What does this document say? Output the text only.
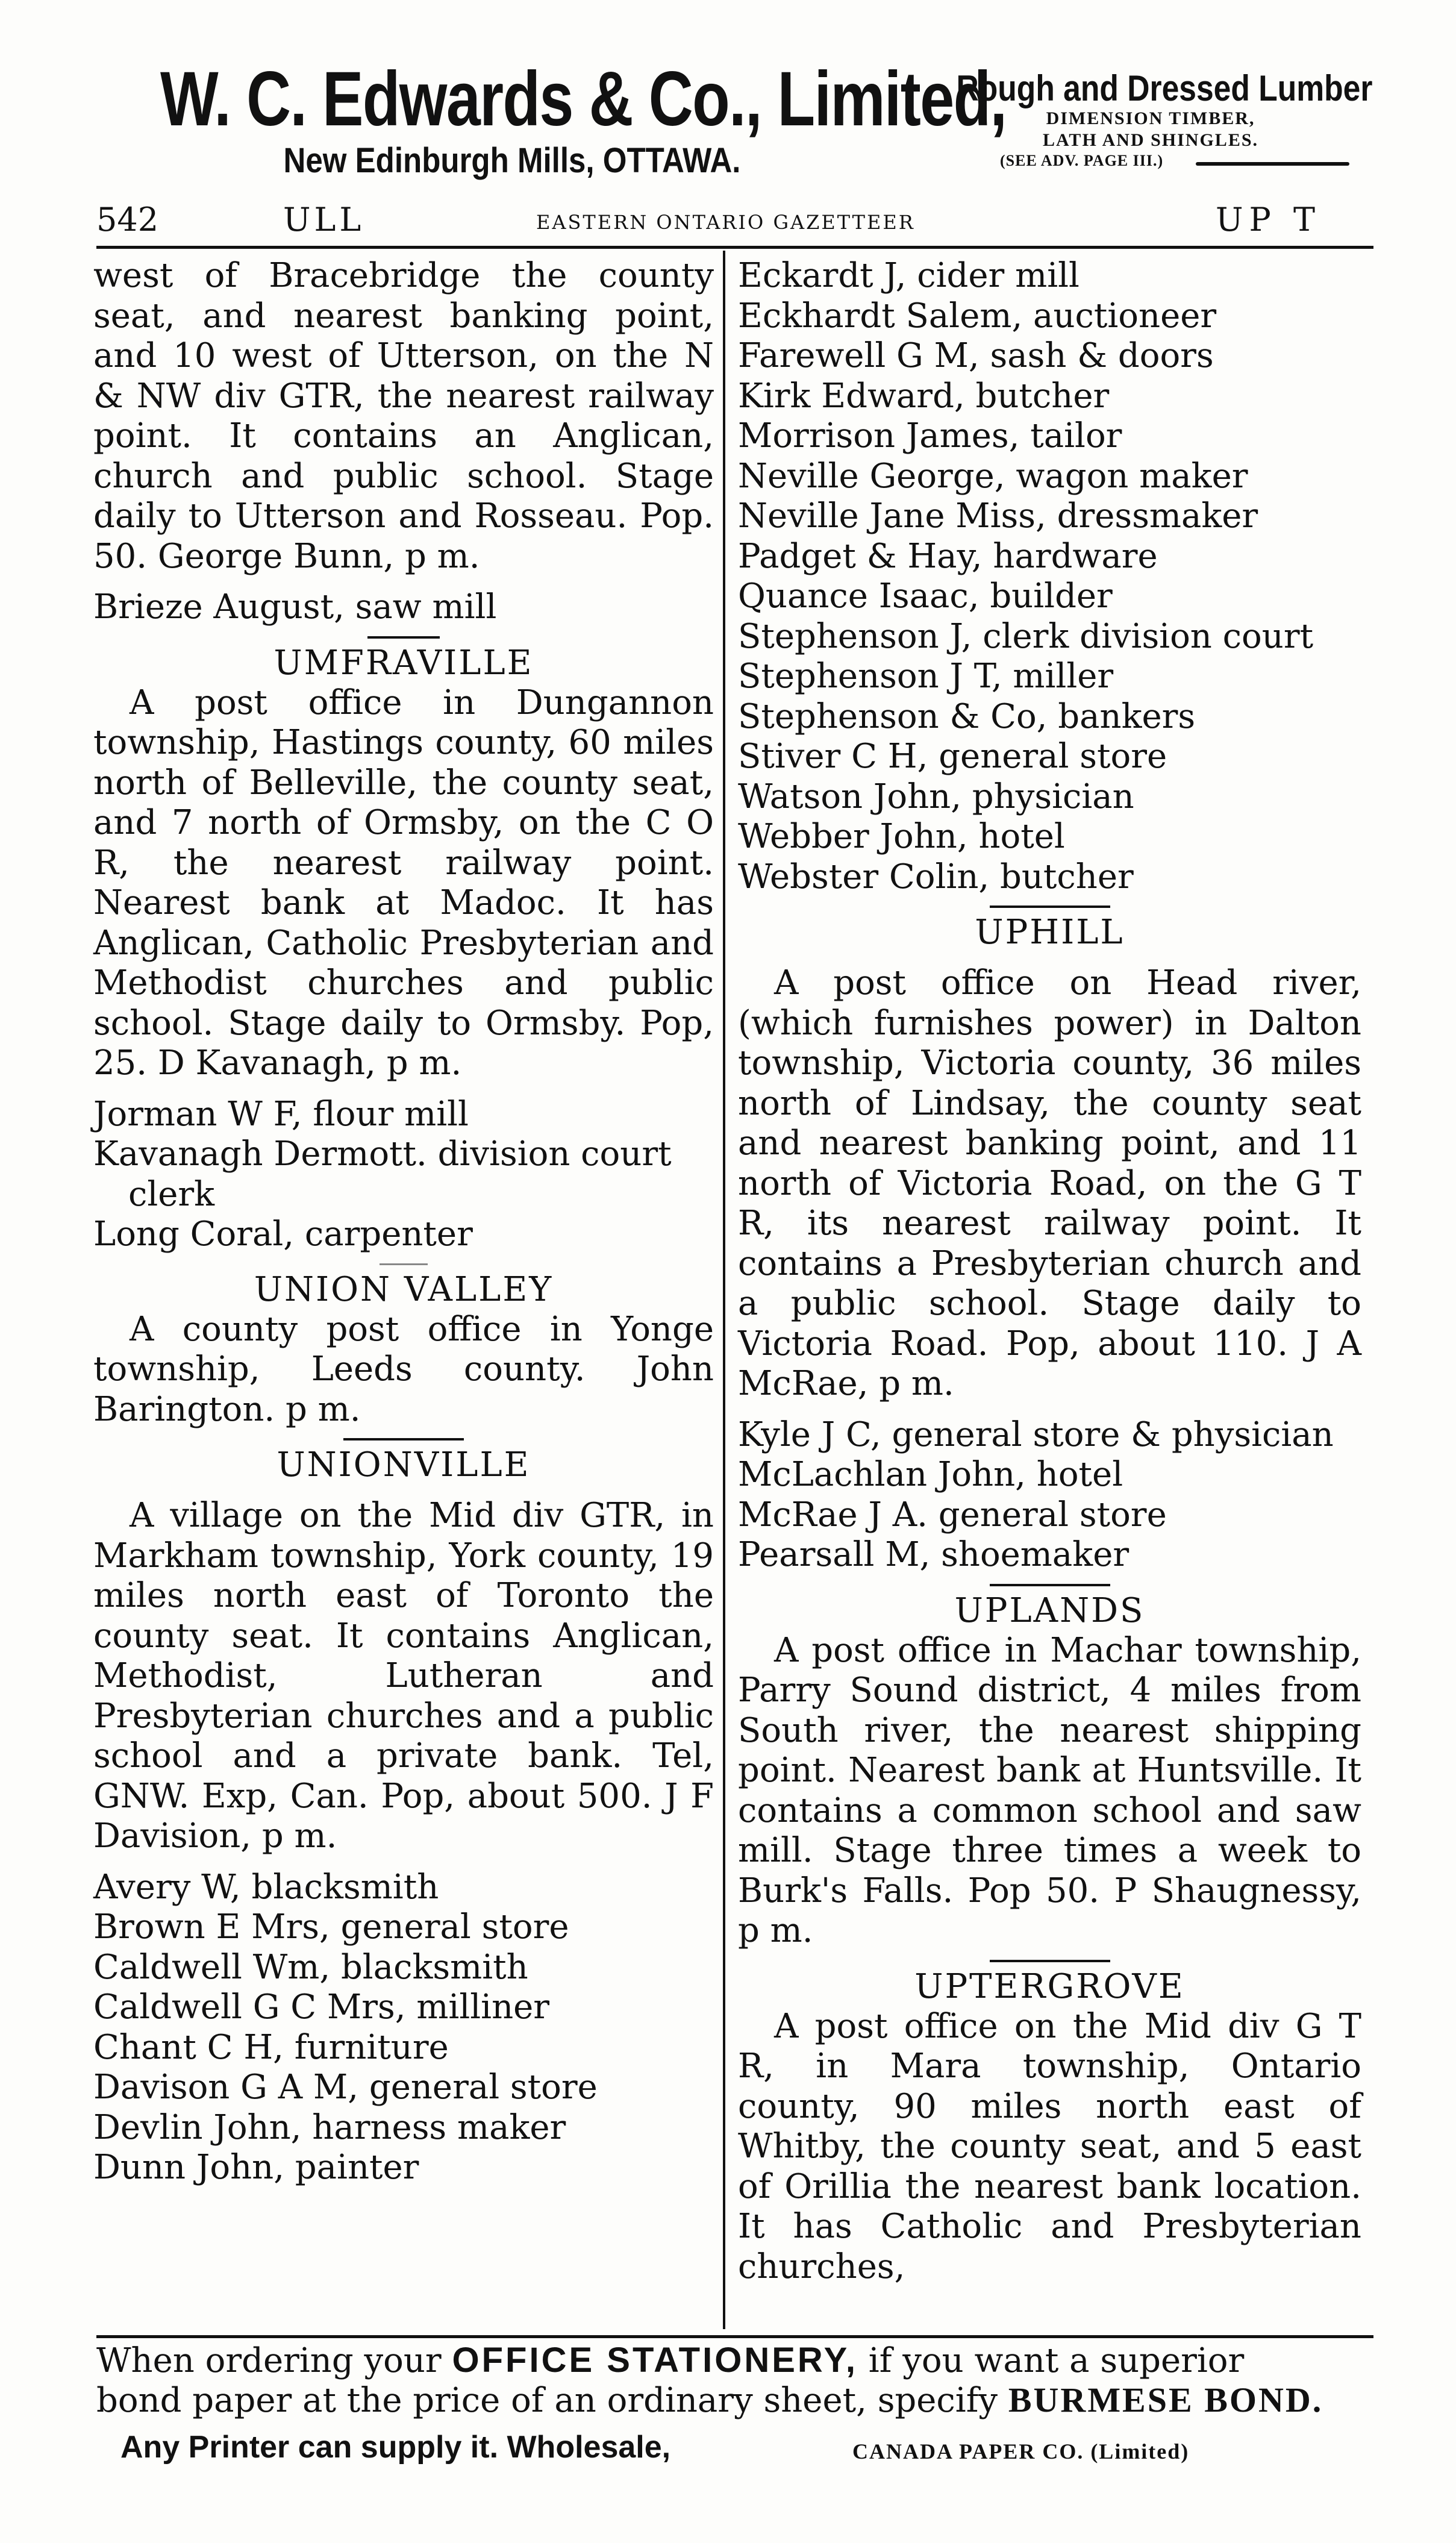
W. C. Edwards & Co., Limited,
New Edinburgh Mills, OTTAWA.
Rough and Dressed Lumber
DIMENSION TIMBER,
LATH AND SHINGLES.
(SEE ADV. PAGE III.)
542	ULL	EASTERN ONTARIO GAZETTEER	UP T

west of Bracebridge the county seat, and nearest banking point, and 10 west of Utterson, on the N & NW div GTR, the nearest railway point. It contains an Anglican, church and public school. Stage daily to Utterson and Rosseau. Pop. 50. George Bunn, p m.

Brieze August, saw mill

UMFRAVILLE

A post office in Dungannon township, Hastings county, 60 miles north of Belleville, the county seat, and 7 north of Ormsby, on the C O R, the nearest railway point. Nearest bank at Madoc. It has Anglican, Catholic Presbyterian and Methodist churches and public school. Stage daily to Ormsby. Pop, 25. D Kavanagh, p m.

Jorman W F, flour mill

Kavanagh Dermott. division court

clerk

Long Coral, carpenter

UNION VALLEY

A county post office in Yonge township, Leeds county. John Barington. p m.

UNIONVILLE

A village on the Mid div GTR, in Markham township, York county, 19 miles north east of Toronto the county seat. It contains Anglican, Methodist, Lutheran and Presbyterian churches and a public school and a private bank. Tel, GNW. Exp, Can. Pop, about 500. J F Davision, p m.

Avery W, blacksmith

Brown E Mrs, general store

Caldwell Wm, blacksmith

Caldwell G C Mrs, milliner

Chant C H, furniture

Davison G A M, general store

Devlin John, harness maker

Dunn John, painter

Eckardt J, cider mill

Eckhardt Salem, auctioneer

Farewell G M, sash & doors

Kirk Edward, butcher

Morrison James, tailor

Neville George, wagon maker

Neville Jane Miss, dressmaker

Padget & Hay, hardware

Quance Isaac, builder

Stephenson J, clerk division court

Stephenson J T, miller

Stephenson & Co, bankers

Stiver C H, general store

Watson John, physician

Webber John, hotel

Webster Colin, butcher

UPHILL

A post office on Head river, (which furnishes power) in Dalton township, Victoria county, 36 miles north of Lindsay, the county seat and nearest banking point, and 11 north of Victoria Road, on the G T R, its nearest railway point. It contains a Presbyterian church and a public school. Stage daily to Victoria Road. Pop, about 110. J A McRae, p m.

Kyle J C, general store & physician

McLachlan John, hotel

McRae J A. general store

Pearsall M, shoemaker

UPLANDS

A post office in Machar township, Parry Sound district, 4 miles from South river, the nearest shipping point. Nearest bank at Huntsville. It contains a common school and saw mill. Stage three times a week to Burk's Falls. Pop 50. P Shaugnessy, p m.

UPTERGROVE

A post office on the Mid div G T R, in Mara township, Ontario county, 90 miles north east of Whitby, the county seat, and 5 east of Orillia the nearest bank location. It has Catholic and Presbyterian churches,

When ordering your OFFICE STATIONERY, if you want a superior
bond paper at the price of an ordinary sheet, specify BURMESE BOND.
Any Printer can supply it. Wholesale,	CANADA PAPER CO. (Limited)
